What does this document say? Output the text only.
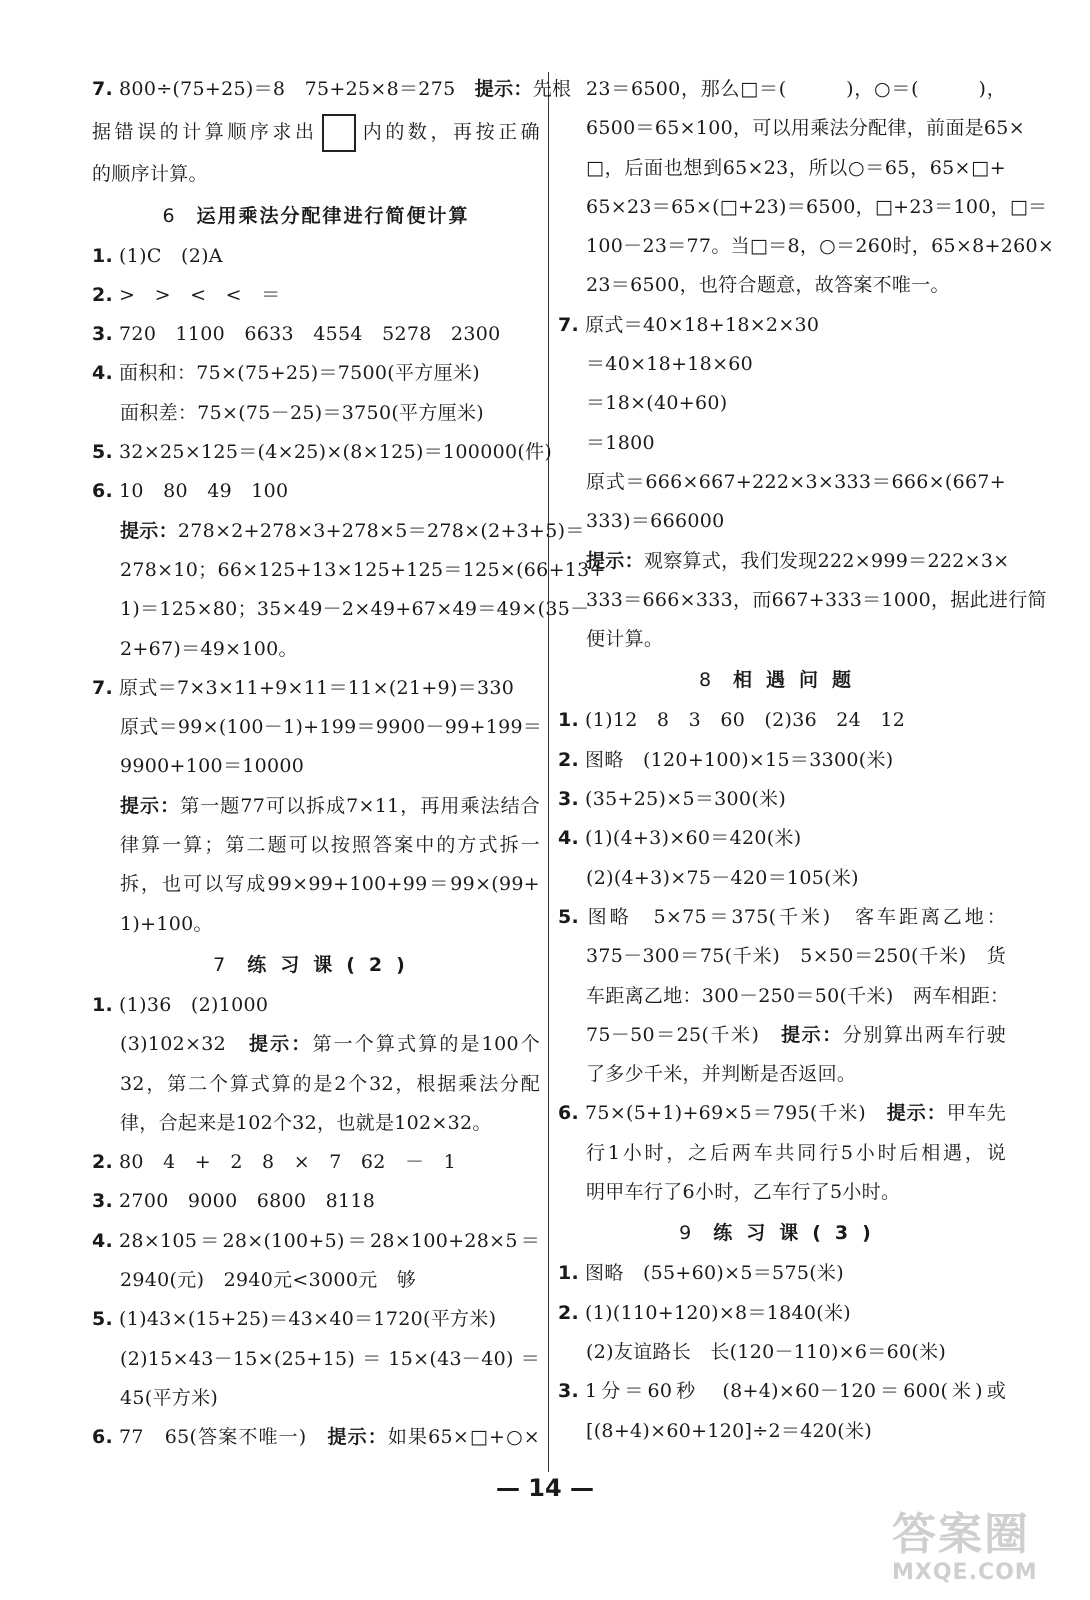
7. 800÷(75+25)＝8　75+25×8＝275　提示：先根
据错误的计算顺序求出 内的数，再按正确
的顺序计算。
6 运用乘法分配律进行简便计算
1. (1)C　(2)A
2. >　>　<　<　＝
3. 720　1100　6633　4554　5278　2300
4. 面积和：75×(75+25)＝7500(平方厘米)
面积差：75×(75－25)＝3750(平方厘米)
5. 32×25×125＝(4×25)×(8×125)＝100000(件)
6. 10　80　49　100
提示：278×2+278×3+278×5＝278×(2+3+5)＝
278×10；66×125+13×125+125＝125×(66+13+
1)＝125×80；35×49－2×49+67×49＝49×(35－
2+67)＝49×100。
7. 原式＝7×3×11+9×11＝11×(21+9)＝330
原式＝99×(100－1)+199＝9900－99+199＝
9900+100＝10000
提示：第一题77可以拆成7×11，再用乘法结合
律算一算；第二题可以按照答案中的方式拆一
拆，也可以写成99×99+100+99＝99×(99+
1)+100。
7 练习课(2)
1. (1)36　(2)1000
(3)102×32　提示：第一个算式算的是100个
32，第二个算式算的是2个32，根据乘法分配
律，合起来是102个32，也就是102×32。
2. 80　4　+　2　8　×　7　62　－　1
3. 2700　9000　6800　8118
4. 28×105＝28×(100+5)＝28×100+28×5＝
2940(元)　2940元<3000元　够
5. (1)43×(15+25)＝43×40＝1720(平方米)
(2)15×43－15×(25+15)＝15×(43－40)＝
45(平方米)
6. 77　65(答案不唯一)　提示：如果65×□+○×
23＝6500，那么□＝(　　　)，○＝(　　　)，
6500＝65×100，可以用乘法分配律，前面是65×
□，后面也想到65×23，所以○＝65，65×□+
65×23＝65×(□+23)＝6500，□+23＝100，□＝
100－23＝77。当□＝8，○＝260时，65×8+260×
23＝6500，也符合题意，故答案不唯一。
7. 原式＝40×18+18×2×30
＝40×18+18×60
＝18×(40+60)
＝1800
原式＝666×667+222×3×333＝666×(667+
333)＝666000
提示：观察算式，我们发现222×999＝222×3×
333＝666×333，而667+333＝1000，据此进行简
便计算。
8 相遇问题
1. (1)12　8　3　60　(2)36　24　12
2. 图略　(120+100)×15＝3300(米)
3. (35+25)×5＝300(米)
4. (1)(4+3)×60＝420(米)
(2)(4+3)×75－420＝105(米)
5. 图略　5×75＝375(千米)　客车距离乙地：
375－300＝75(千米)　5×50＝250(千米)　货
车距离乙地：300－250＝50(千米)　两车相距：
75－50＝25(千米)　提示：分别算出两车行驶
了多少千米，并判断是否返回。
6. 75×(5+1)+69×5＝795(千米)　提示：甲车先
行1小时，之后两车共同行5小时后相遇，说
明甲车行了6小时，乙车行了5小时。
9 练习课(3)
1. 图略　(55+60)×5＝575(米)
2. (1)(110+120)×8＝1840(米)
(2)友谊路长　长(120－110)×6＝60(米)
3. 1分＝60秒　(8+4)×60－120＝600(米)或
[(8+4)×60+120]÷2＝420(米)
— 14 —
答案圈
MXQE.COM
